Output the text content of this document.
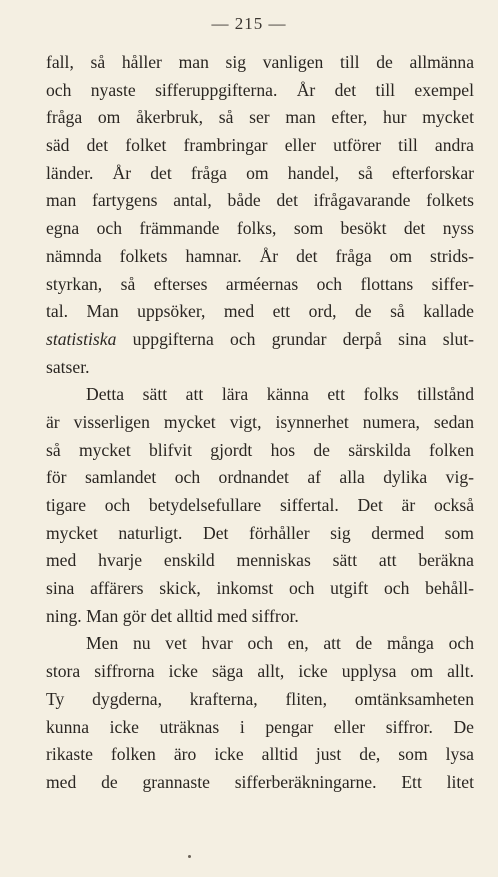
— 215 —
fall, så håller man sig vanligen till de allmänna
och nyaste sifferuppgifterna. År det till exempel
fråga om åkerbruk, så ser man efter, hur mycket
säd det folket frambringar eller utförer till andra
länder. År det fråga om handel, så efterforskar
man fartygens antal, både det ifrågavarande folkets
egna och främmande folks, som besökt det nyss
nämnda folkets hamnar. År det fråga om strids-
styrkan, så efterses arméernas och flottans siffer-
tal. Man uppsöker, med ett ord, de så kallade
statistiska uppgifterna och grundar derpå sina slut-
satser.
Detta sätt att lära känna ett folks tillstånd
är visserligen mycket vigt, isynnerhet numera, sedan
så mycket blifvit gjordt hos de särskilda folken
för samlandet och ordnandet af alla dylika vig-
tigare och betydelsefullare siffertal. Det är också
mycket naturligt. Det förhåller sig dermed som
med hvarje enskild menniskas sätt att beräkna
sina affärers skick, inkomst och utgift och behåll-
ning. Man gör det alltid med siffror.
Men nu vet hvar och en, att de många och
stora siffrorna icke säga allt, icke upplysa om allt.
Ty dygderna, krafterna, fliten, omtänksamheten
kunna icke uträknas i pengar eller siffror. De
rikaste folken äro icke alltid just de, som lysa
med de grannaste sifferberäkningarne. Ett litet
